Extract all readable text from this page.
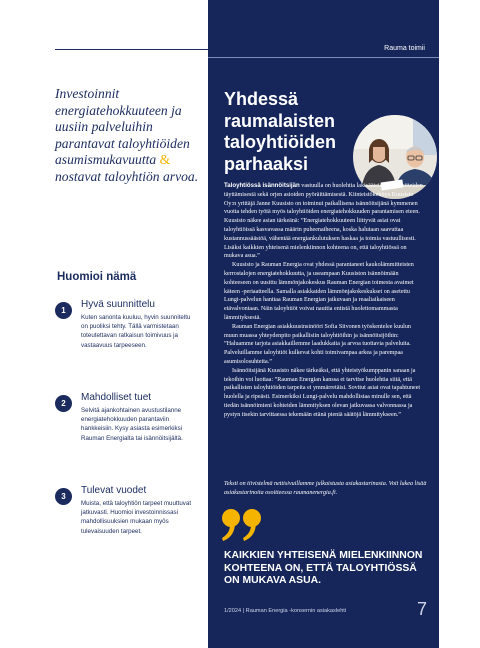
Investoinnit energiatehokkuuteen ja uusiin palveluihin parantavat taloyhtiöiden asumismukavuutta & nostavat taloyhtiön arvoa.

Huomioi nämä
1

Hyvä suunnittelu

Kuten sanonta kuuluu, hyvin suunniteltu on puoliksi tehty. Tällä varmistetaan toteutettavan ratkaisun toimivuus ja vastaavuus tarpeeseen.

2

Mahdolliset tuet

Selvitä ajankohtainen avustustilanne energiatehokkuuden parantaviin hankkeisiin. Kysy asiasta esimerkiksi Rauman Energialta tai isännöitsijältä.

3

Tulevat vuodet

Muista, että taloyhtiön tarpeet muuttuvat jatkuvasti. Huomioi investoinnissasi mahdollisuuksien mukaan myös tulevaisuuden tarpeet.

Rauma toimii

Yhdessä raumalaisten taloyhtiöiden parhaaksi

Taloyhtiössä isännöitsijän vastuulla on huolehtia lakisääteisten velvoitteiden täyttämisestä sekä orjen asioiden pyöräittämisestä. Kiinteistökehitys Kuusisto Oy:n yrittäjä Janne Kuusisto on toiminut paikallisena isännöitsijänä kymmenen vuotta tehden työtä myös taloyhtiöiden energiatehokkuuden parantamisen eteen. Kuusisto näkee asian tärkeänä: ”Energiatehokkuuteen liittyvät asiat ovat taloyhtiöissä kasvavassa määrin puheenaiheena, koska halutaan saavuttaa kustannussäästöä, vähentää energiankulutuksen haskaa ja toimia vastuullisesti. Lisäksi kaikkien yhteisenä mielenkiinnon kohteena on, että taloyhtiössä on mukava asua.”

Kuusisto ja Rauman Energia ovat yhdessä parantaneet kaukolämmitteisten kerrostalojen energiatehokkuutta, ja useampaan Kuusiston isännöimään kohteeseen on uusittu lämmönjakokeskus Rauman Energian toimesta avaimet käteen -periaatteella. Samalla asiakkaiden lämmönjakokeskukset on asetettu Lungi-palvelun hanttaa Rauman Energian jatkuvaan ja reaaliaikaiseen etävalvontaan. Näin taloyhtiöt voivat nauttia entistä huolettomammasta lämmityksestä.

Rauman Energian asiakkuusinsinööri Sofia Siivonen työskentelee kuulun muun muassa yhteydenpito paikallisiin taloyhtiöihin ja isännöitsijöihin: ”Haluamme tarjota asiakkaillemme laadukkaita ja arvoa tuottavia palveluita. Palveluillamme taloyhtiöt kulkevat kohti toimivampaa arkea ja parempaa asumisolosuhteita.”

Isännöitsijänä Kuusisto näkee tärkeäksi, että yhteistyökumppanin sanaan ja tekoihin voi luottaa: ”Rauman Energian kanssa ei tarvitse huolehtia siitä, että paikallisten taloyhtiöiden tarpeita ei ymmärretäisi. Sovitut asiat ovat tapahtuneet huolella ja ripeästi. Esimerkiksi Lungi-palvelu mahdollistaa minulle sen, että tiedän isännöimieni kohteiden lämmityksen olevan jatkuvassa valvonnassa ja pystyn itsekin tarvittaessa tekemään etänä pieniä säätöjä lämmitykseen.”

Teksti on tiivistelmä nettisivuillamme julkaistusta asiakastarinasta. Voit lukea lisää asiakastarinoita osoitteessa raumanenergia.fi.

KAIKKIEN YHTEISENÄ MIELENKIINNON KOHTEENA ON, ETTÄ TALOYHTIÖSSÄ ON MUKAVA ASUA.

1/2024 | Rauman Energia -konsernin asiakaslehti	7
